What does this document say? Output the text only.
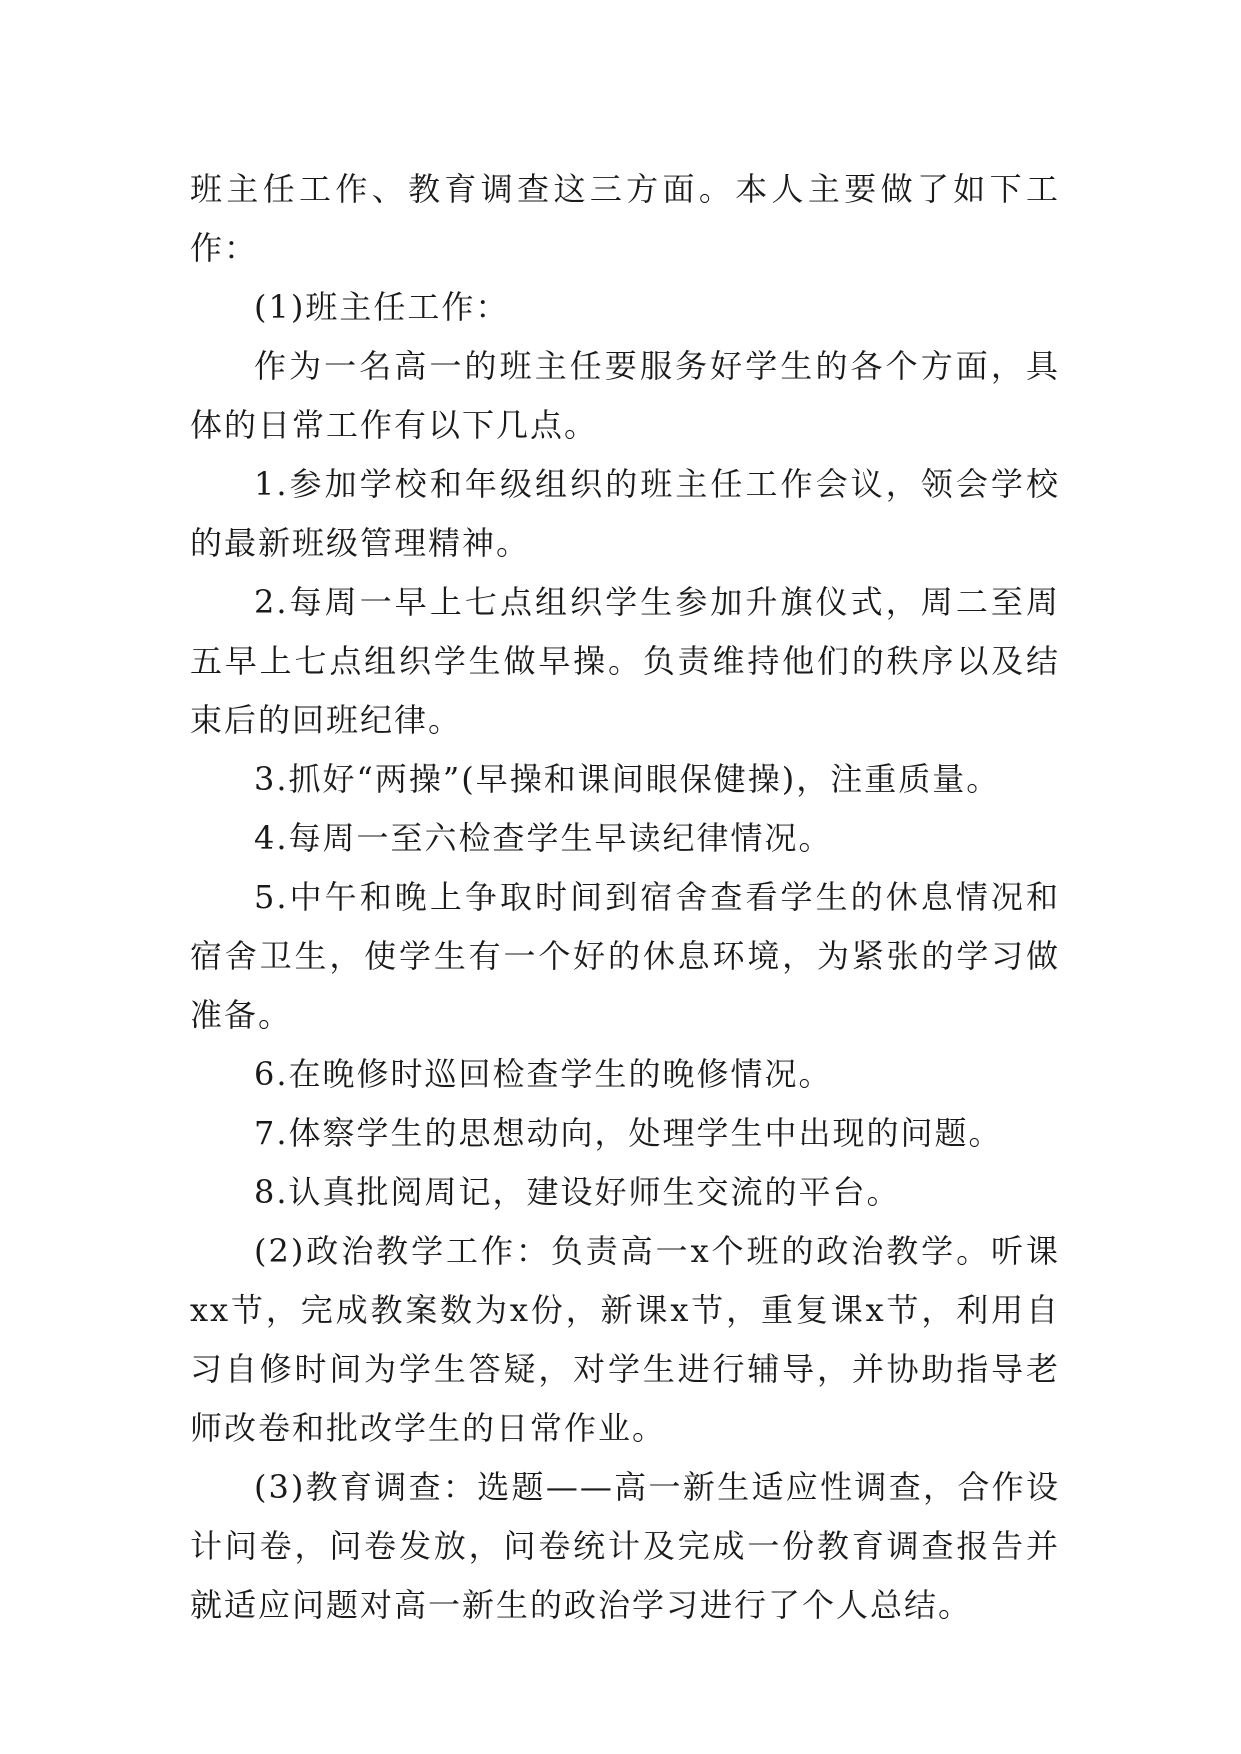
班主任工作、教育调查这三方面。本人主要做了如下工作：

(1)班主任工作：

作为一名高一的班主任要服务好学生的各个方面，具体的日常工作有以下几点。

1.参加学校和年级组织的班主任工作会议，领会学校的最新班级管理精神。

2.每周一早上七点组织学生参加升旗仪式，周二至周五早上七点组织学生做早操。负责维持他们的秩序以及结束后的回班纪律。

3.抓好“两操”(早操和课间眼保健操)，注重质量。

4.每周一至六检查学生早读纪律情况。

5.中午和晚上争取时间到宿舍查看学生的休息情况和宿舍卫生，使学生有一个好的休息环境，为紧张的学习做准备。

6.在晚修时巡回检查学生的晚修情况。

7.体察学生的思想动向，处理学生中出现的问题。

8.认真批阅周记，建设好师生交流的平台。

(2)政治教学工作：负责高一x个班的政治教学。听课xx节，完成教案数为x份，新课x节，重复课x节，利用自习自修时间为学生答疑，对学生进行辅导，并协助指导老师改卷和批改学生的日常作业。

(3)教育调查：选题——高一新生适应性调查，合作设计问卷，问卷发放，问卷统计及完成一份教育调查报告并就适应问题对高一新生的政治学习进行了个人总结。
